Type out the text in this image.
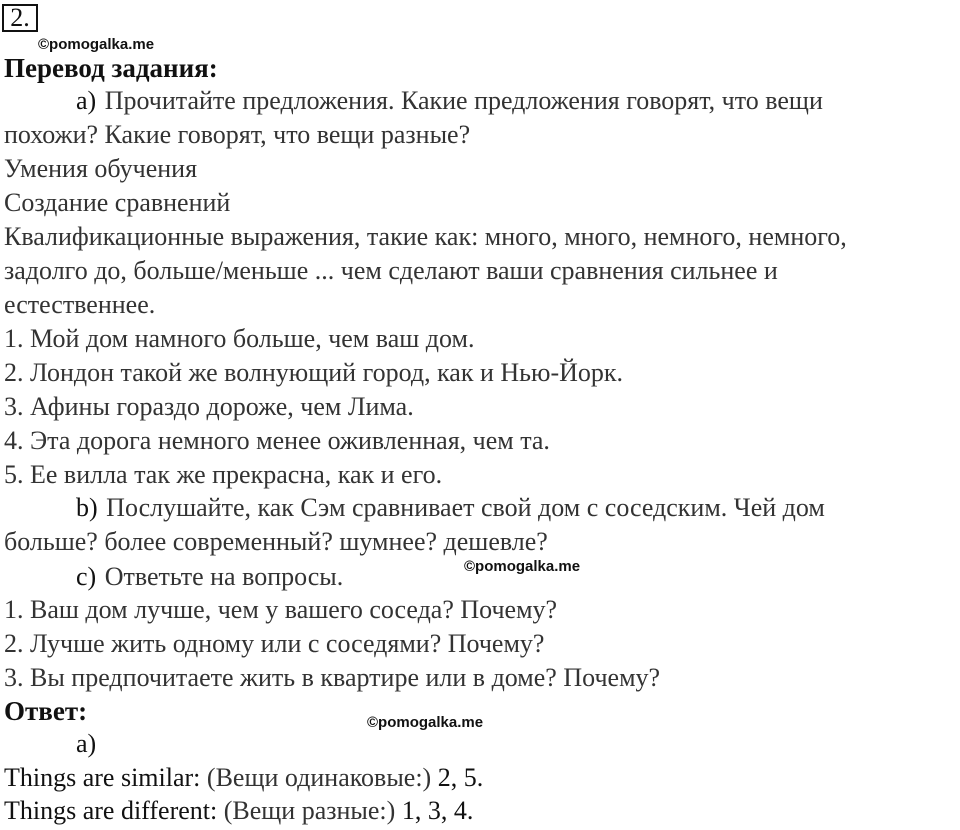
2.
©pomogalka.me
Перевод задания:
a) Прочитайте предложения. Какие предложения говорят, что вещи
похожи? Какие говорят, что вещи разные?
Умения обучения
Создание сравнений
Квалификационные выражения, такие как: много, много, немного, немного,
задолго до, больше/меньше ... чем сделают ваши сравнения сильнее и
естественнее.
1. Мой дом намного больше, чем ваш дом.
2. Лондон такой же волнующий город, как и Нью-Йорк.
3. Афины гораздо дороже, чем Лима.
4. Эта дорога немного менее оживленная, чем та.
5. Ее вилла так же прекрасна, как и его.
b) Послушайте, как Сэм сравнивает свой дом с соседским. Чей дом
больше? более современный? шумнее? дешевле?
c) Ответьте на вопросы.	©pomogalka.me
1. Ваш дом лучше, чем у вашего соседа? Почему?
2. Лучше жить одному или с соседями? Почему?
3. Вы предпочитаете жить в квартире или в доме? Почему?
Ответ:	©pomogalka.me
a)
Things are similar: (Вещи одинаковые:) 2, 5.
Things are different: (Вещи разные:) 1, 3, 4.
